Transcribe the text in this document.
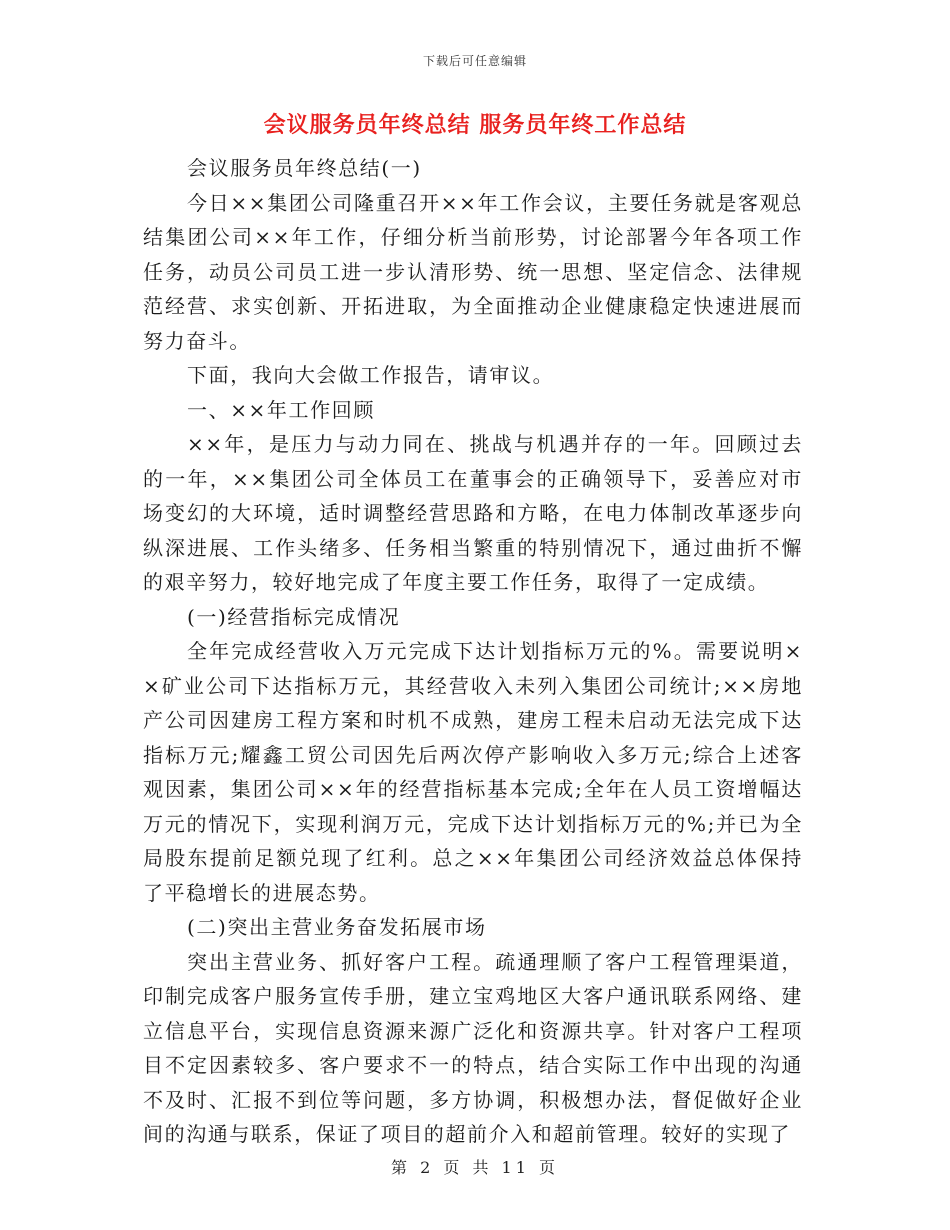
下载后可任意编辑
会议服务员年终总结 服务员年终工作总结

会议服务员年终总结(一)

今日××集团公司隆重召开××年工作会议，主要任务就是客观总结集团公司××年工作，仔细分析当前形势，讨论部署今年各项工作任务，动员公司员工进一步认清形势、统一思想、坚定信念、法律规范经营、求实创新、开拓进取，为全面推动企业健康稳定快速进展而努力奋斗。

下面，我向大会做工作报告，请审议。

一、××年工作回顾

××年，是压力与动力同在、挑战与机遇并存的一年。回顾过去的一年，××集团公司全体员工在董事会的正确领导下，妥善应对市场变幻的大环境，适时调整经营思路和方略，在电力体制改革逐步向纵深进展、工作头绪多、任务相当繁重的特别情况下，通过曲折不懈的艰辛努力，较好地完成了年度主要工作任务，取得了一定成绩。

(一)经营指标完成情况

全年完成经营收入万元完成下达计划指标万元的%。需要说明××矿业公司下达指标万元，其经营收入未列入集团公司统计;××房地产公司因建房工程方案和时机不成熟，建房工程未启动无法完成下达指标万元;耀鑫工贸公司因先后两次停产影响收入多万元;综合上述客观因素，集团公司××年的经营指标基本完成;全年在人员工资增幅达万元的情况下，实现利润万元，完成下达计划指标万元的%;并已为全局股东提前足额兑现了红利。总之××年集团公司经济效益总体保持了平稳增长的进展态势。

(二)突出主营业务奋发拓展市场

突出主营业务、抓好客户工程。疏通理顺了客户工程管理渠道，印制完成客户服务宣传手册，建立宝鸡地区大客户通讯联系网络、建立信息平台，实现信息资源来源广泛化和资源共享。针对客户工程项目不定因素较多、客户要求不一的特点，结合实际工作中出现的沟通不及时、汇报不到位等问题，多方协调，积极想办法，督促做好企业间的沟通与联系，保证了项目的超前介入和超前管理。较好的实现了

第 2 页 共 11 页
